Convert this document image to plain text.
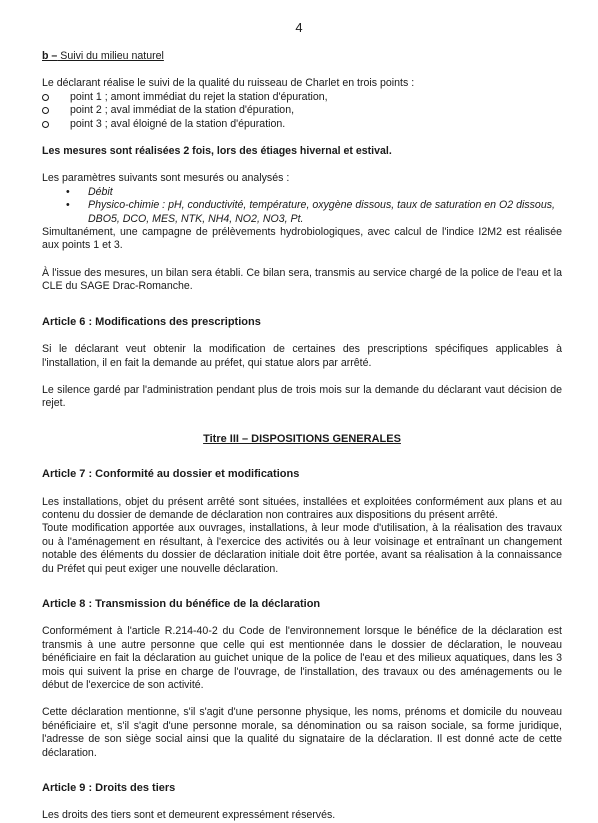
4

b – Suivi du milieu naturel

Le déclarant réalise le suivi de la qualité du ruisseau de Charlet en trois points :

point 1 ; amont immédiat du rejet la station d'épuration,
point 2 ; aval immédiat de la station d'épuration,
point 3 ; aval éloigné de la station d'épuration.

Les mesures sont réalisées 2 fois, lors des étiages hivernal et estival.

Les paramètres suivants sont mesurés ou analysés :

• Débit
• Physico-chimie : pH, conductivité, température, oxygène dissous, taux de saturation en O2 dissous, DBO5, DCO, MES, NTK, NH4, NO2, NO3, Pt.

Simultanément, une campagne de prélèvements hydrobiologiques, avec calcul de l'indice I2M2 est réalisée aux points 1 et 3.

À l'issue des mesures, un bilan sera établi. Ce bilan sera, transmis au service chargé de la police de l'eau et la CLE du SAGE Drac-Romanche.

Article 6 : Modifications des prescriptions

Si le déclarant veut obtenir la modification de certaines des prescriptions spécifiques applicables à l'installation, il en fait la demande au préfet, qui statue alors par arrêté.

Le silence gardé par l'administration pendant plus de trois mois sur la demande du déclarant vaut décision de rejet.

Titre III – DISPOSITIONS GENERALES

Article 7 : Conformité au dossier et modifications

Les installations, objet du présent arrêté sont situées, installées et exploitées conformément aux plans et au contenu du dossier de demande de déclaration non contraires aux dispositions du présent arrêté.

Toute modification apportée aux ouvrages, installations, à leur mode d'utilisation, à la réalisation des travaux ou à l'aménagement en résultant, à l'exercice des activités ou à leur voisinage et entraînant un changement notable des éléments du dossier de déclaration initiale doit être portée, avant sa réalisation à la connaissance du Préfet qui peut exiger une nouvelle déclaration.

Article 8 : Transmission du bénéfice de la déclaration

Conformément à l'article R.214-40-2 du Code de l'environnement lorsque le bénéfice de la déclaration est transmis à une autre personne que celle qui est mentionnée dans le dossier de déclaration, le nouveau bénéficiaire en fait la déclaration au guichet unique de la police de l'eau et des milieux aquatiques, dans les 3 mois qui suivent la prise en charge de l'ouvrage, de l'installation, des travaux ou des aménagements ou le début de l'exercice de son activité.

Cette déclaration mentionne, s'il s'agit d'une personne physique, les noms, prénoms et domicile du nouveau bénéficiaire et, s'il s'agit d'une personne morale, sa dénomination ou sa raison sociale, sa forme juridique, l'adresse de son siège social ainsi que la qualité du signataire de la déclaration. Il est donné acte de cette déclaration.

Article 9 : Droits des tiers

Les droits des tiers sont et demeurent expressément réservés.
